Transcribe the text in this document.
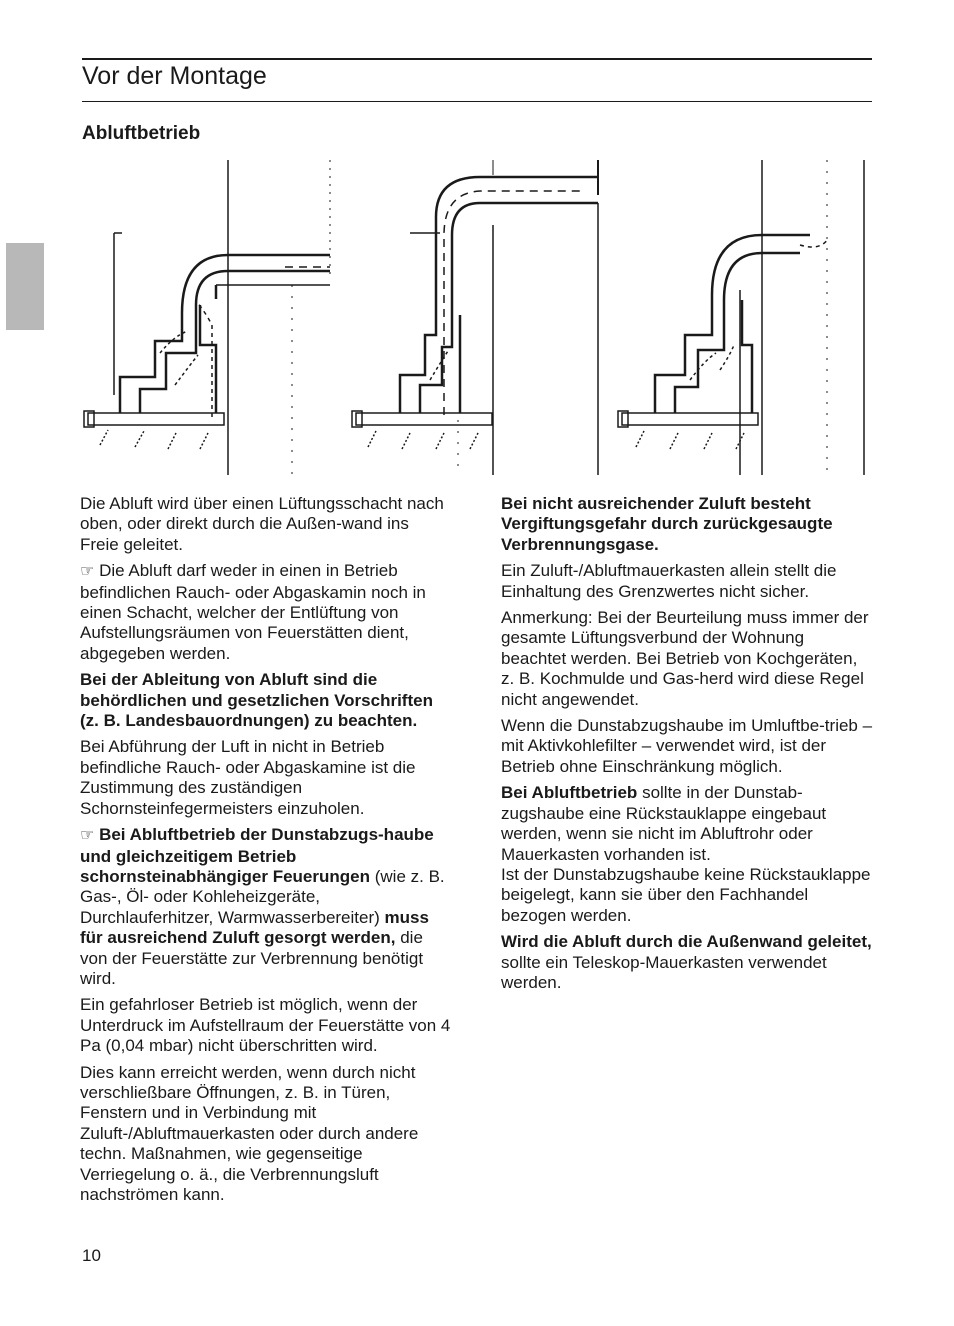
Vor der Montage
Abluftbetrieb

Die Abluft wird über einen Lüftungsschacht nach oben, oder direkt durch die Außen-wand ins Freie geleitet.

☞ Die Abluft darf weder in einen in Betrieb befindlichen Rauch- oder Abgaskamin noch in einen Schacht, welcher der Entlüftung von Aufstellungsräumen von Feuerstätten dient, abgegeben werden.

Bei der Ableitung von Abluft sind die behördlichen und gesetzlichen Vorschriften (z. B. Landesbauordnungen) zu beachten.

Bei Abführung der Luft in nicht in Betrieb befindliche Rauch- oder Abgaskamine ist die Zustimmung des zuständigen Schornsteinfegermeisters einzuholen.

☞ Bei Abluftbetrieb der Dunstabzugs-haube und gleichzeitigem Betrieb schornsteinabhängiger Feuerungen (wie z. B. Gas-, Öl- oder Kohleheizgeräte, Durchlauferhitzer, Warmwasserbereiter) muss für ausreichend Zuluft gesorgt werden, die von der Feuerstätte zur Verbrennung benötigt wird.

Ein gefahrloser Betrieb ist möglich, wenn der Unterdruck im Aufstellraum der Feuerstätte von 4 Pa (0,04 mbar) nicht überschritten wird.

Dies kann erreicht werden, wenn durch nicht verschließbare Öffnungen, z. B. in Türen, Fenstern und in Verbindung mit Zuluft-/Abluftmauerkasten oder durch andere techn. Maßnahmen, wie gegenseitige Verriegelung o. ä., die Verbrennungsluft nachströmen kann.

Bei nicht ausreichender Zuluft besteht Vergiftungsgefahr durch zurückgesaugte Verbrennungsgase.

Ein Zuluft-/Abluftmauerkasten allein stellt die Einhaltung des Grenzwertes nicht sicher.

Anmerkung: Bei der Beurteilung muss immer der gesamte Lüftungsverbund der Wohnung beachtet werden. Bei Betrieb von Kochgeräten, z. B. Kochmulde und Gas-herd wird diese Regel nicht angewendet.

Wenn die Dunstabzugshaube im Umluftbe-trieb – mit Aktivkohlefilter – verwendet wird, ist der Betrieb ohne Einschränkung möglich.

Bei Abluftbetrieb sollte in der Dunstab-zugshaube eine Rückstauklappe eingebaut werden, wenn sie nicht im Abluftrohr oder Mauerkasten vorhanden ist.
Ist der Dunstabzugshaube keine Rückstauklappe beigelegt, kann sie über den Fachhandel bezogen werden.

Wird die Abluft durch die Außenwand geleitet, sollte ein Teleskop-Mauerkasten verwendet werden.

10
